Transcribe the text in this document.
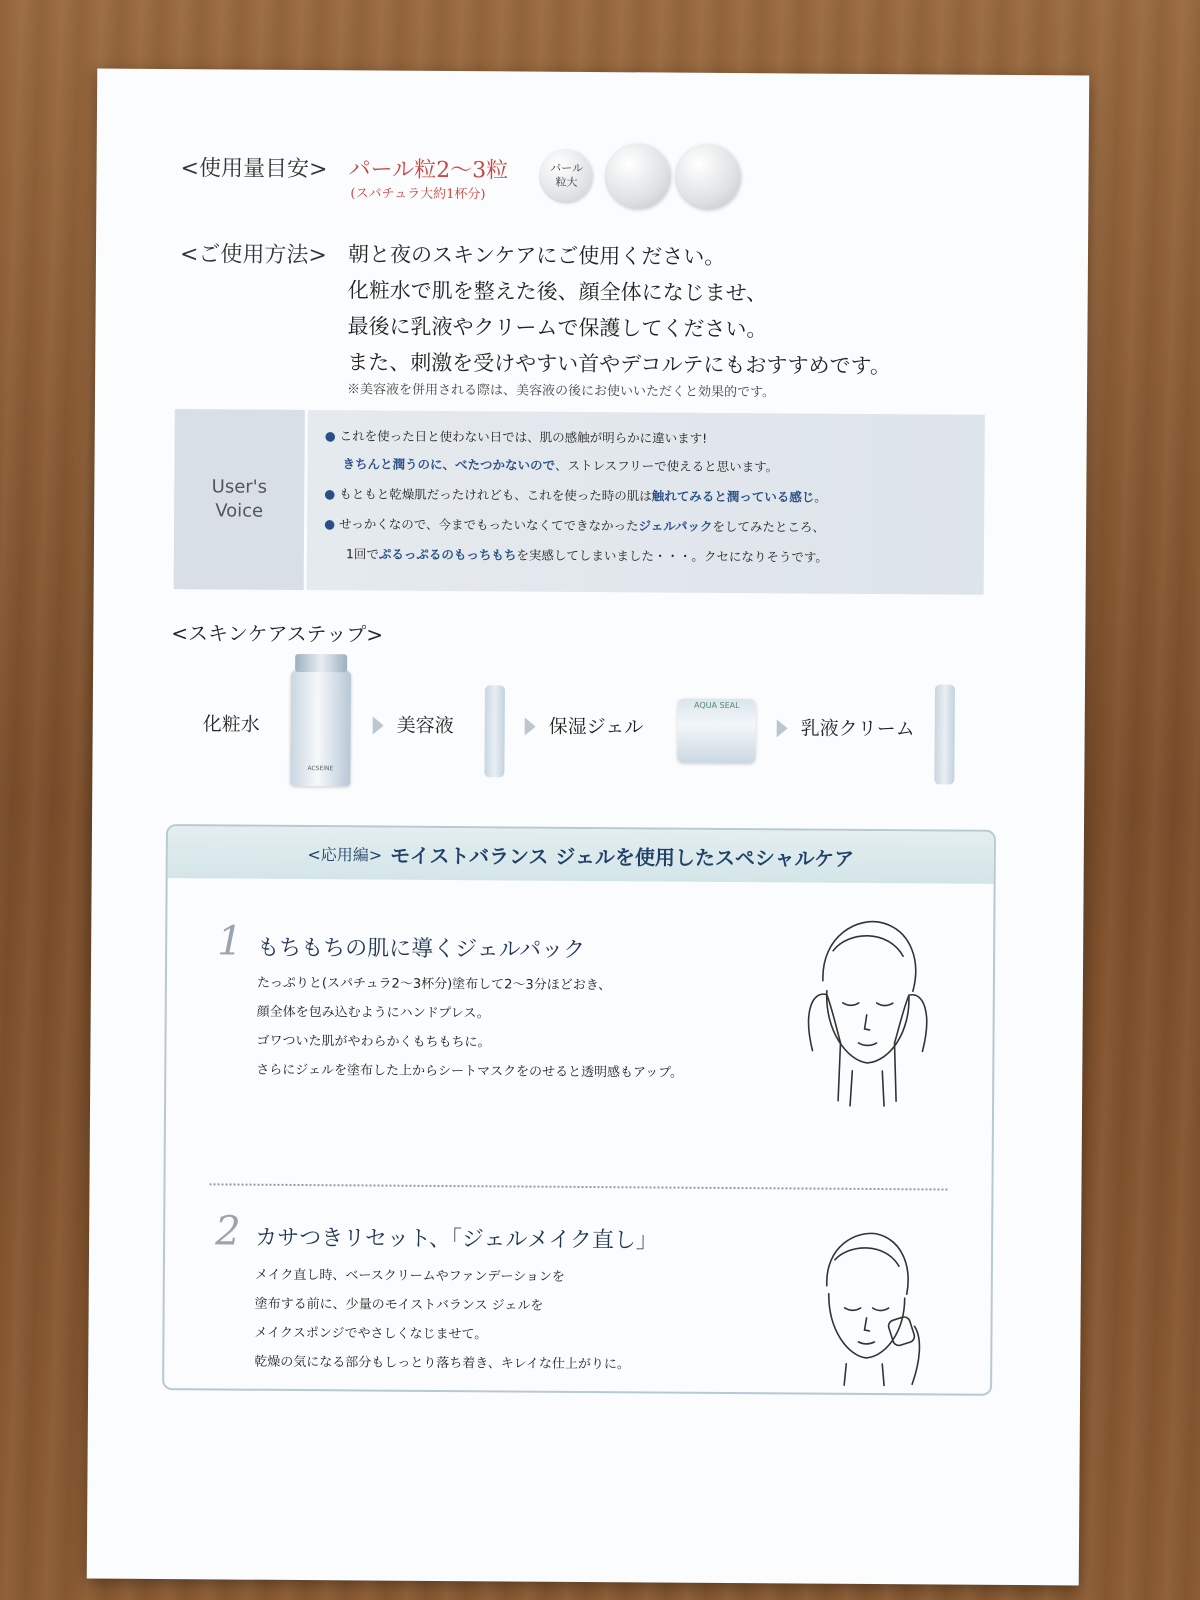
<使用量目安> パール粒2〜3粒
(スパチュラ大約1杯分)
パール
粒大
<ご使用方法> 朝と夜のスキンケアにご使用ください。
化粧水で肌を整えた後、顔全体になじませ、
最後に乳液やクリームで保護してください。
また、刺激を受けやすい首やデコルテにもおすすめです。
※美容液を併用される際は、美容液の後にお使いいただくと効果的です。
User's
Voice
● これを使った日と使わない日では、肌の感触が明らかに違います!
きちんと潤うのに、べたつかないので、ストレスフリーで使えると思います。
● もともと乾燥肌だったけれども、これを使った時の肌は触れてみると潤っている感じ。
● せっかくなので、今までもったいなくてできなかったジェルパックをしてみたところ、
1回でぷるっぷるのもっちもちを実感してしまいました・・・。クセになりそうです。
<スキンケアステップ>
化粧水
ACSEINE
美容液	保湿ジェル
AQUA SEAL
乳液クリーム
<応用編> モイストバランス ジェルを使用したスペシャルケア
1 もちもちの肌に導くジェルパック
たっぷりと(スパチュラ2〜3杯分)塗布して2〜3分ほどおき、
顔全体を包み込むようにハンドプレス。
ゴワついた肌がやわらかくもちもちに。
さらにジェルを塗布した上からシートマスクをのせると透明感もアップ。
2 カサつきリセット、「ジェルメイク直し」
メイク直し時、ベースクリームやファンデーションを
塗布する前に、少量のモイストバランス ジェルを
メイクスポンジでやさしくなじませて。
乾燥の気になる部分もしっとり落ち着き、キレイな仕上がりに。
